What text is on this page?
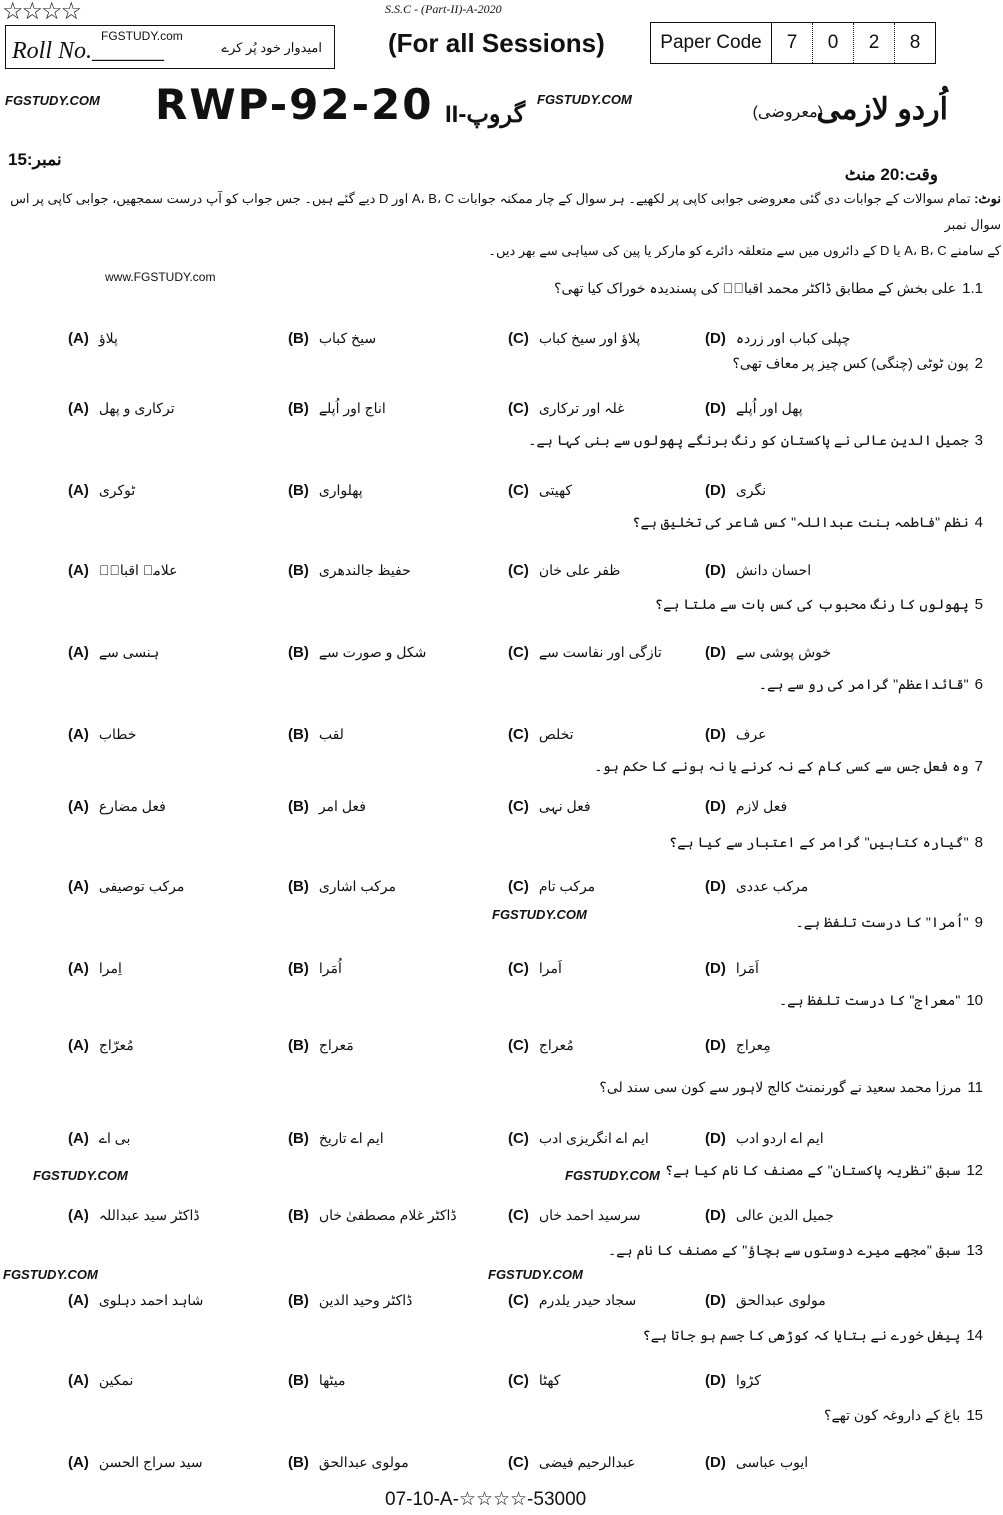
☆☆☆☆	S.S.C - (Part-II)-A-2020
Roll No.______
FGSTUDY.com
امیدوار خود پُر کرے	(For all Sessions)	Paper Code	7	0	2	8
FGSTUDY.COM RWP-92-20	FGSTUDY.COM
گروپ-II	اُردو لازمی
(معروضی)
وقت:20 منٹ
نمبر:15
نوٹ: تمام سوالات کے جوابات دی گئی معروضی جوابی کاپی پر لکھیے۔ ہر سوال کے چار ممکنہ جوابات A، B، C اور D دیے گئے ہیں۔ جس جواب کو آپ درست سمجھیں، جوابی کاپی پر اس سوال نمبر
کے سامنے A، B، C یا D کے دائروں میں سے متعلقہ دائرے کو مارکر یا پین کی سیاہی سے بھر دیں۔
www.FGSTUDY.com
FGSTUDY.COM	FGSTUDY.COM
FGSTUDY.COM	FGSTUDY.COM
FGSTUDY.COM
1.1علی بخش کے مطابق ڈاکٹر محمد اقبالؒ کی پسندیدہ خوراک کیا تھی؟
(A) پلاؤ	(B) سیخ کباب	(C) پلاؤ اور سیخ کباب	(D) چپلی کباب اور زردہ
2پون ٹوٹی (چنگی) کس چیز پر معاف تھی؟
(A) ترکاری و پھل	(B) اناج اور اُپلے	(C) غلہ اور ترکاری	(D) پھل اور اُپلے
3جمیل الدین عالی نے پاکستان کو رنگ برنگے پھولوں سے بنی کہا ہے۔
(A) ٹوکری	(B) پھلواری	(C) کھیتی	(D) نگری
4نظم "فاطمہ بنت عبداللہ" کس شاعر کی تخلیق ہے؟
(A) علامہ اقبالؒ	(B) حفیظ جالندھری	(C) ظفر علی خان	(D) احسان دانش
5پھولوں کا رنگ محبوب کی کس بات سے ملتا ہے؟
(A) ہنسی سے	(B) شکل و صورت سے	(C) تازگی اور نفاست سے	(D) خوش پوشی سے
6"قائداعظم" گرامر کی رو سے ہے۔
(A) خطاب	(B) لقب	(C) تخلص	(D) عرف
7وہ فعل جس سے کسی کام کے نہ کرنے یا نہ ہونے کا حکم ہو۔
(A) فعل مضارع	(B) فعل امر	(C) فعل نہی	(D) فعل لازم
8"گیارہ کتابیں" گرامر کے اعتبار سے کیا ہے؟
(A) مرکب توصیفی	(B) مرکب اشاری	(C) مرکب تام	(D) مرکب عددی
9"اُمرا" کا درست تلفظ ہے۔
(A) اِمرا	(B) اُمَرا	(C) اَمرا	(D) اَمَرا
10"معراج" کا درست تلفظ ہے۔
(A) مُعرّاج	(B) مَعراج	(C) مُعراج	(D) مِعراج
11مرزا محمد سعید نے گورنمنٹ کالج لاہور سے کون سی سند لی؟
(A) بی اے	(B) ایم اے تاریخ	(C) ایم اے انگریزی ادب	(D) ایم اے اردو ادب
12سبق "نظریہ پاکستان" کے مصنف کا نام کیا ہے؟
(A) ڈاکٹر سید عبداللہ	(B) ڈاکٹر غلام مصطفیٰ خاں	(C) سرسید احمد خاں	(D) جمیل الدین عالی
13سبق "مجھے میرے دوستوں سے بچاؤ" کے مصنف کا نام ہے۔
(A) شاہد احمد دہلوی	(B) ڈاکٹر وحید الدین	(C) سجاد حیدر یلدرم	(D) مولوی عبدالحق
14پیغل خورے نے بتایا کہ کوڑھی کا جسم ہو جاتا ہے؟
(A) نمکین	(B) میٹھا	(C) کھٹا	(D) کڑوا
15باغ کے داروغہ کون تھے؟
(A) سید سراج الحسن	(B) مولوی عبدالحق	(C) عبدالرحیم فیضی	(D) ایوب عباسی
07-10-A-☆☆☆☆-53000
